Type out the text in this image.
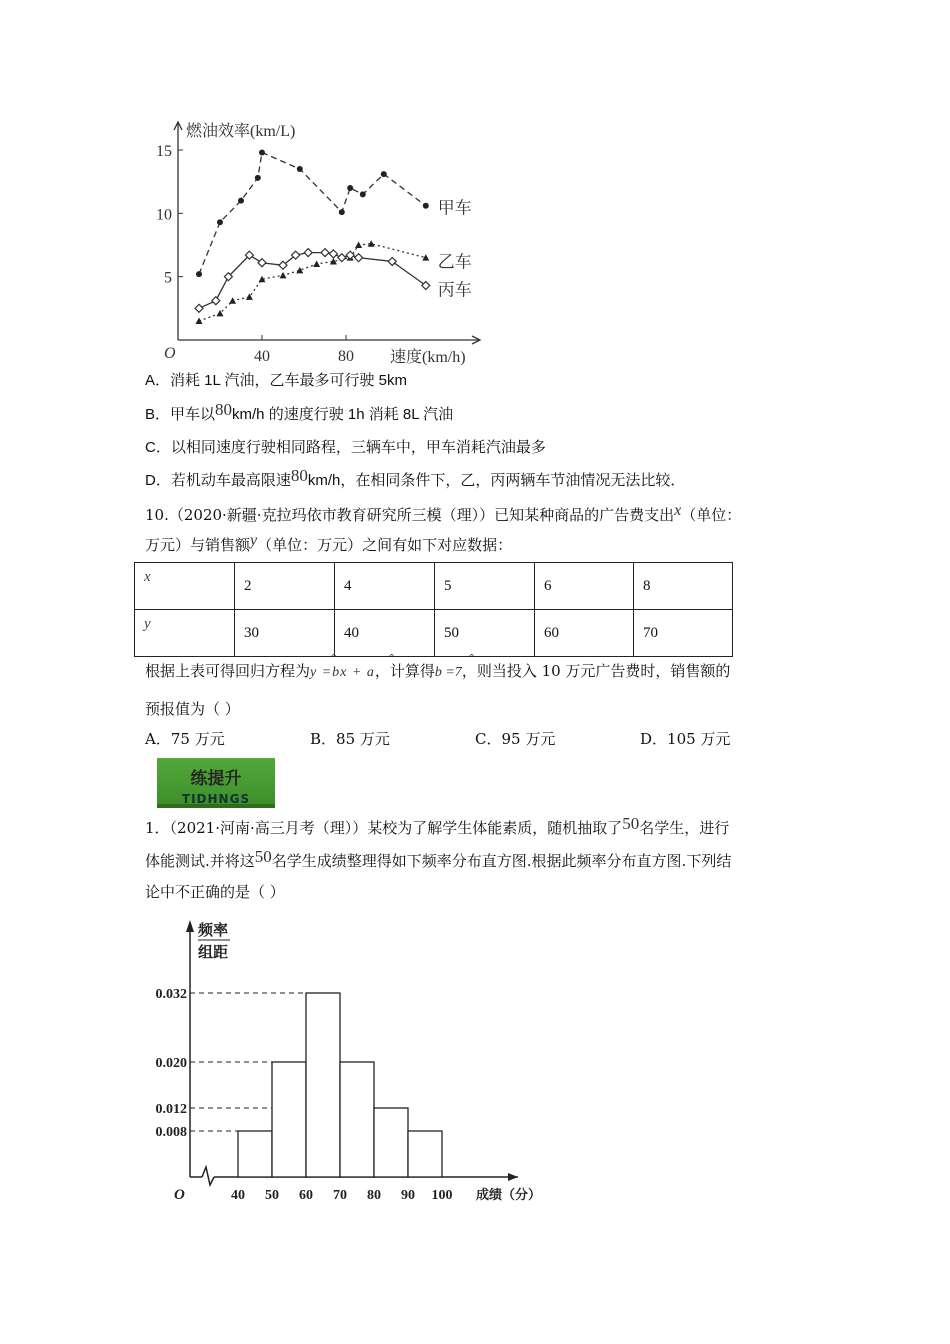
5
10
15
40	80
O
燃油效率(km/L)
速度(km/h)
甲车
乙车
丙车
A．消耗 1L 汽油，乙车最多可行驶 5km
B．甲车以80km/h 的速度行驶 1h 消耗 8L 汽油
C．以相同速度行驶相同路程，三辆车中，甲车消耗汽油最多
D．若机动车最高限速80km/h，在相同条件下，乙，丙两辆车节油情况无法比较．
10.（2020·新疆·克拉玛依市教育研究所三模（理））已知某种商品的广告费支出x（单位：
万元）与销售额y（单位：万元）之间有如下对应数据：
x	2	4	5	6	8
y	30	40	50	60	70
根据上表可得回归方程为y =bx + a，计算得b =7，则当投入 10 万元广告费时，销售额的
^	^	^
预报值为（ ）
A．75 万元	B．85 万元	C．95 万元	D．105 万元
练提升
TIDHNGS
1．（2021·河南·高三月考（理））某校为了解学生体能素质，随机抽取了50名学生，进行
体能测试.并将这50名学生成绩整理得如下频率分布直方图.根据此频率分布直方图.下列结
论中不正确的是（ ）
0.032
0.020
0.012
0.008
40 50 60 70 80 90 100
O	成绩（分）
频率
组距
